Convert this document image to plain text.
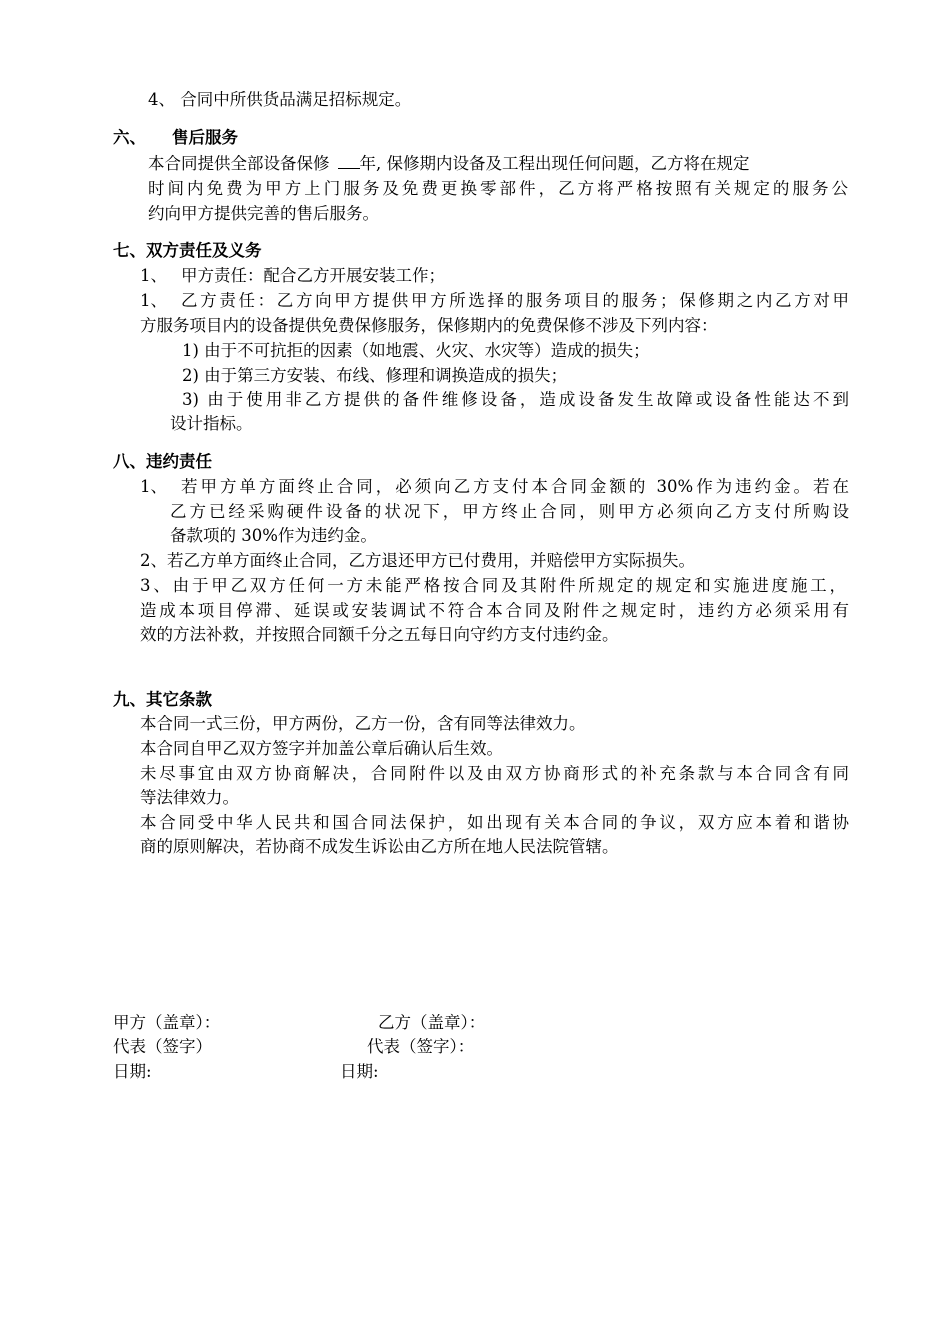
4、 合同中所供货品满足招标规定。
六、 售后服务
本合同提供全部设备保修 年, 保修期内设备及工程出现任何问题，乙方将在规定
时间内免费为甲方上门服务及免费更换零部件，乙方将严格按照有关规定的服务公
约向甲方提供完善的售后服务。
七、双方责任及义务
1、 甲方责任：配合乙方开展安装工作；
1、 乙方责任：乙方向甲方提供甲方所选择的服务项目的服务；保修期之内乙方对甲
方服务项目内的设备提供免费保修服务，保修期内的免费保修不涉及下列内容：
1) 由于不可抗拒的因素（如地震、火灾、水灾等）造成的损失；
2) 由于第三方安装、布线、修理和调换造成的损失；
3) 由于使用非乙方提供的备件维修设备，造成设备发生故障或设备性能达不到
设计指标。
八、违约责任
1、 若甲方单方面终止合同，必须向乙方支付本合同金额的 30%作为违约金。若在
乙方已经采购硬件设备的状况下，甲方终止合同，则甲方必须向乙方支付所购设
备款项的 30%作为违约金。
2、若乙方单方面终止合同，乙方退还甲方已付费用，并赔偿甲方实际损失。
3、由于甲乙双方任何一方未能严格按合同及其附件所规定的规定和实施进度施工，
造成本项目停滞、延误或安装调试不符合本合同及附件之规定时，违约方必须采用有
效的方法补救，并按照合同额千分之五每日向守约方支付违约金。
九、其它条款
本合同一式三份，甲方两份，乙方一份，含有同等法律效力。
本合同自甲乙双方签字并加盖公章后确认后生效。
未尽事宜由双方协商解决，合同附件以及由双方协商形式的补充条款与本合同含有同
等法律效力。
本合同受中华人民共和国合同法保护，如出现有关本合同的争议，双方应本着和谐协
商的原则解决，若协商不成发生诉讼由乙方所在地人民法院管辖。
甲方（盖章）：	乙方（盖章）：
代表（签字）	代表（签字）：
日期:	日期:
